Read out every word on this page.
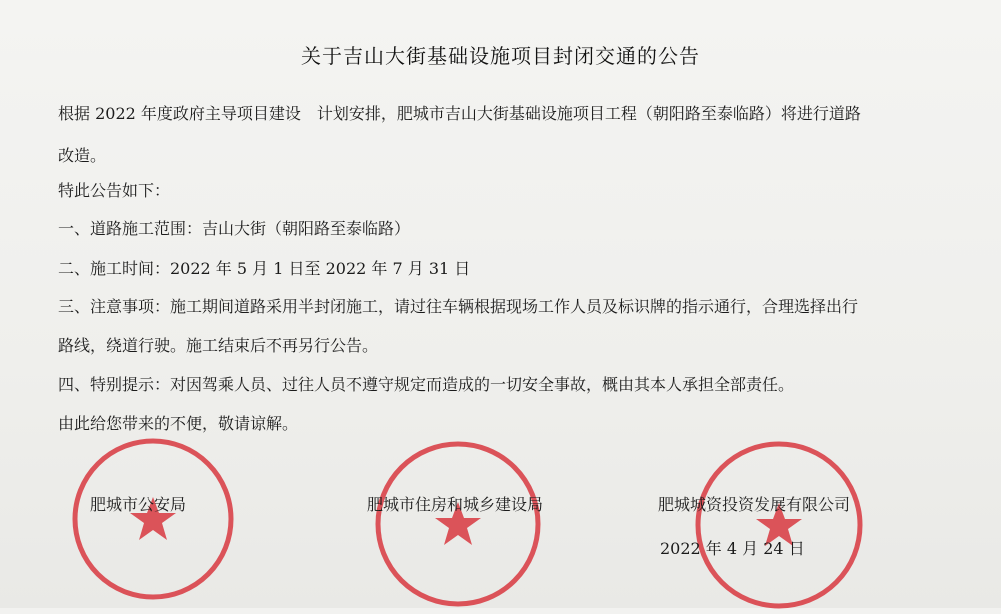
关于吉山大街基础设施项目封闭交通的公告
根据 2022 年度政府主导项目建设　计划安排，肥城市吉山大街基础设施项目工程（朝阳路至泰临路）将进行道路
改造。
特此公告如下：
一、道路施工范围：吉山大街（朝阳路至泰临路）
二、施工时间：2022 年 5 月 1 日至 2022 年 7 月 31 日
三、注意事项：施工期间道路采用半封闭施工，请过往车辆根据现场工作人员及标识牌的指示通行，合理选择出行
路线，绕道行驶。施工结束后不再另行公告。
四、特别提示：对因驾乘人员、过往人员不遵守规定而造成的一切安全事故，概由其本人承担全部责任。
由此给您带来的不便，敬请谅解。
肥城市公安局	肥城市住房和城乡建设局	肥城城资投资发展有限公司
2022 年 4 月 24 日
